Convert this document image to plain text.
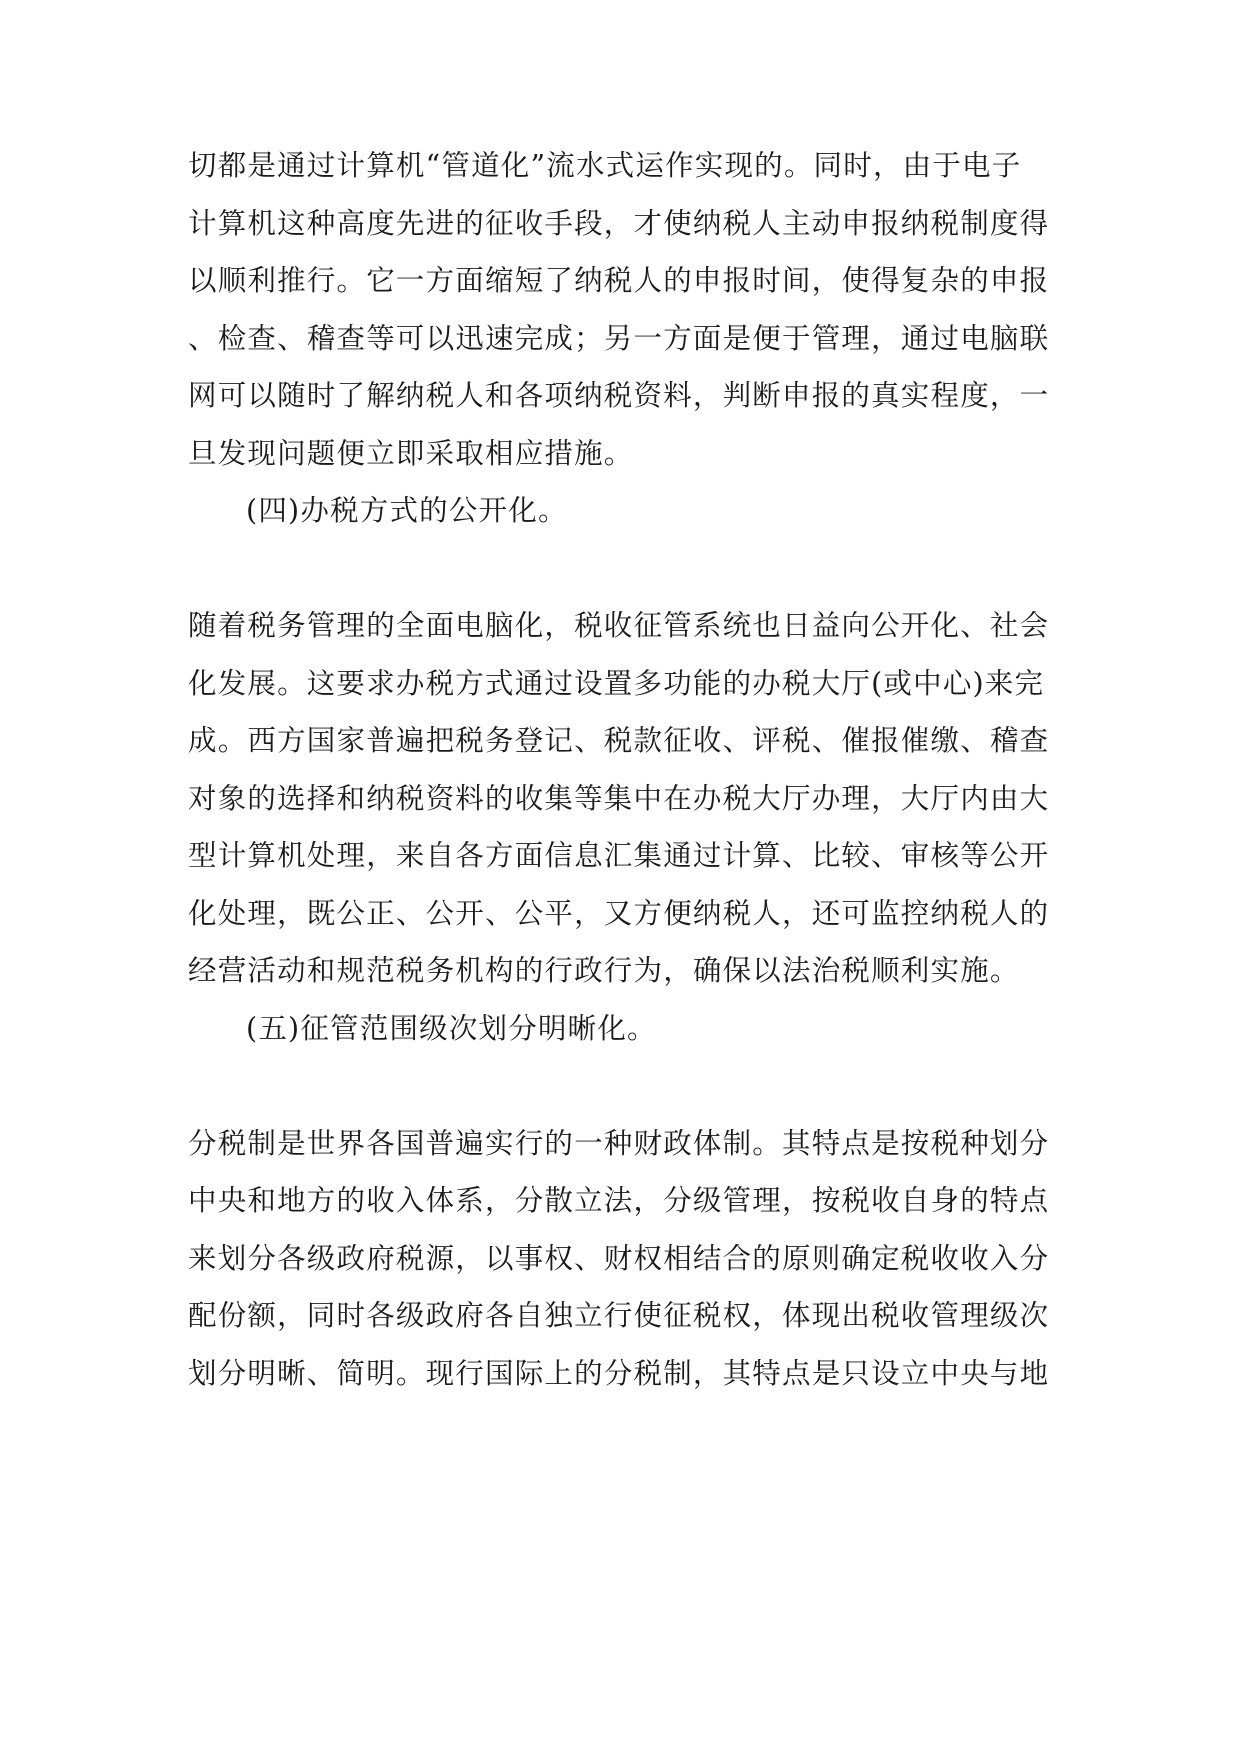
切都是通过计算机“管道化”流水式运作实现的。同时，由于电子
计算机这种高度先进的征收手段，才使纳税人主动申报纳税制度得
以顺利推行。它一方面缩短了纳税人的申报时间，使得复杂的申报
、检查、稽查等可以迅速完成；另一方面是便于管理，通过电脑联
网可以随时了解纳税人和各项纳税资料，判断申报的真实程度，一
旦发现问题便立即采取相应措施。
(四)办税方式的公开化。
随着税务管理的全面电脑化，税收征管系统也日益向公开化、社会
化发展。这要求办税方式通过设置多功能的办税大厅(或中心)来完
成。西方国家普遍把税务登记、税款征收、评税、催报催缴、稽查
对象的选择和纳税资料的收集等集中在办税大厅办理，大厅内由大
型计算机处理，来自各方面信息汇集通过计算、比较、审核等公开
化处理，既公正、公开、公平，又方便纳税人，还可监控纳税人的
经营活动和规范税务机构的行政行为，确保以法治税顺利实施。
(五)征管范围级次划分明晰化。
分税制是世界各国普遍实行的一种财政体制。其特点是按税种划分
中央和地方的收入体系，分散立法，分级管理，按税收自身的特点
来划分各级政府税源，以事权、财权相结合的原则确定税收收入分
配份额，同时各级政府各自独立行使征税权，体现出税收管理级次
划分明晰、简明。现行国际上的分税制，其特点是只设立中央与地
